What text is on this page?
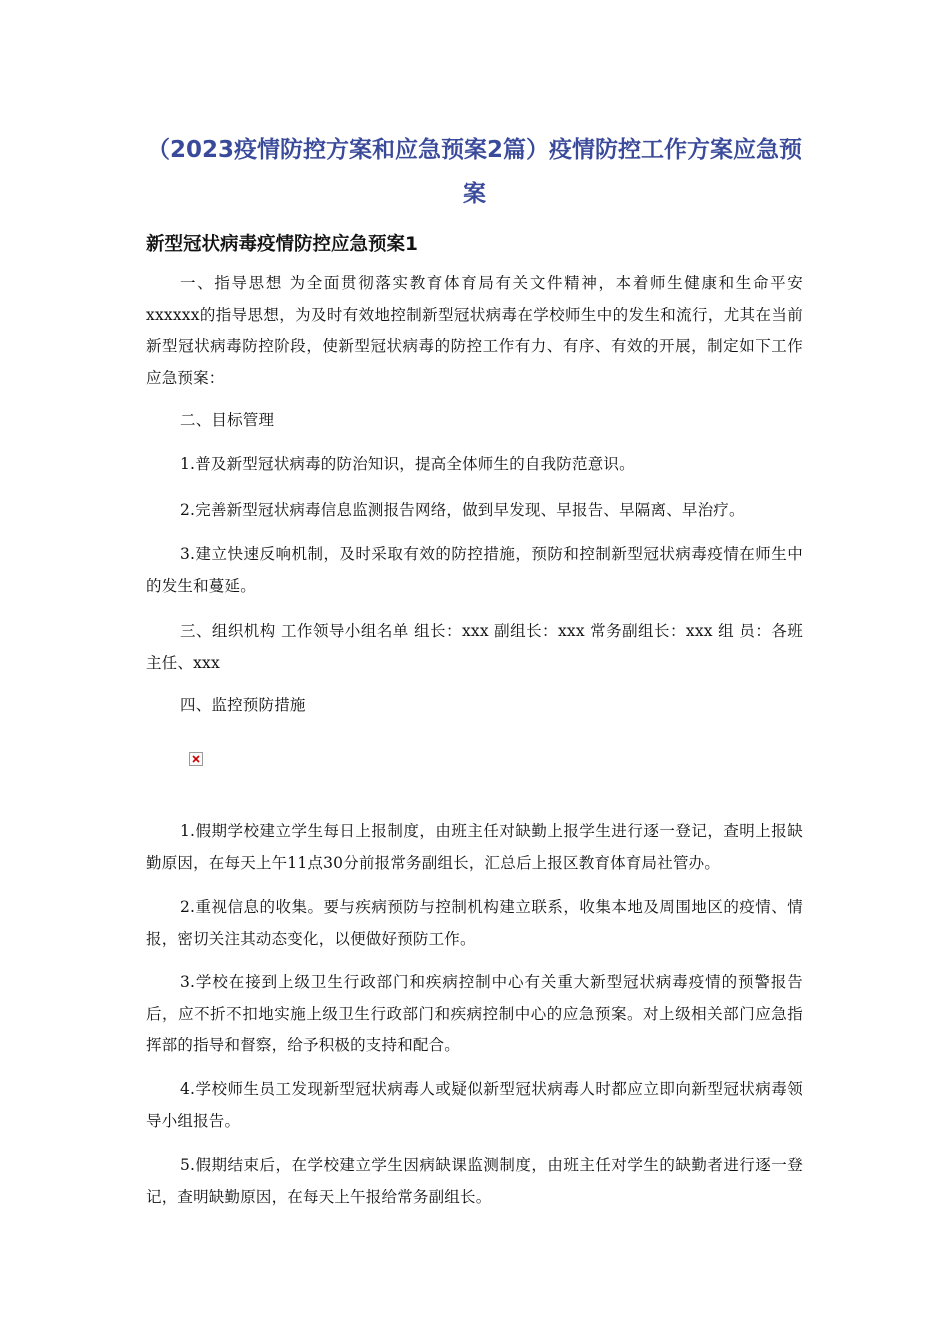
（2023疫情防控方案和应急预案2篇）疫情防控工作方案应急预案
新型冠状病毒疫情防控应急预案1

一、指导思想 为全面贯彻落实教育体育局有关文件精神，本着师生健康和生命平安xxxxxx的指导思想，为及时有效地控制新型冠状病毒在学校师生中的发生和流行，尤其在当前新型冠状病毒防控阶段，使新型冠状病毒的防控工作有力、有序、有效的开展，制定如下工作应急预案：

二、目标管理

1.普及新型冠状病毒的防治知识，提高全体师生的自我防范意识。

2.完善新型冠状病毒信息监测报告网络，做到早发现、早报告、早隔离、早治疗。

3.建立快速反响机制，及时采取有效的防控措施，预防和控制新型冠状病毒疫情在师生中的发生和蔓延。

三、组织机构 工作领导小组名单 组长：xxx 副组长：xxx 常务副组长：xxx 组 员：各班主任、xxx

四、监控预防措施

1.假期学校建立学生每日上报制度，由班主任对缺勤上报学生进行逐一登记，查明上报缺勤原因，在每天上午11点30分前报常务副组长，汇总后上报区教育体育局社管办。

2.重视信息的收集。要与疾病预防与控制机构建立联系，收集本地及周围地区的疫情、情报，密切关注其动态变化，以便做好预防工作。

3.学校在接到上级卫生行政部门和疾病控制中心有关重大新型冠状病毒疫情的预警报告后，应不折不扣地实施上级卫生行政部门和疾病控制中心的应急预案。对上级相关部门应急指挥部的指导和督察，给予积极的支持和配合。

4.学校师生员工发现新型冠状病毒人或疑似新型冠状病毒人时都应立即向新型冠状病毒领导小组报告。

5.假期结束后，在学校建立学生因病缺课监测制度，由班主任对学生的缺勤者进行逐一登记，查明缺勤原因，在每天上午报给常务副组长。
